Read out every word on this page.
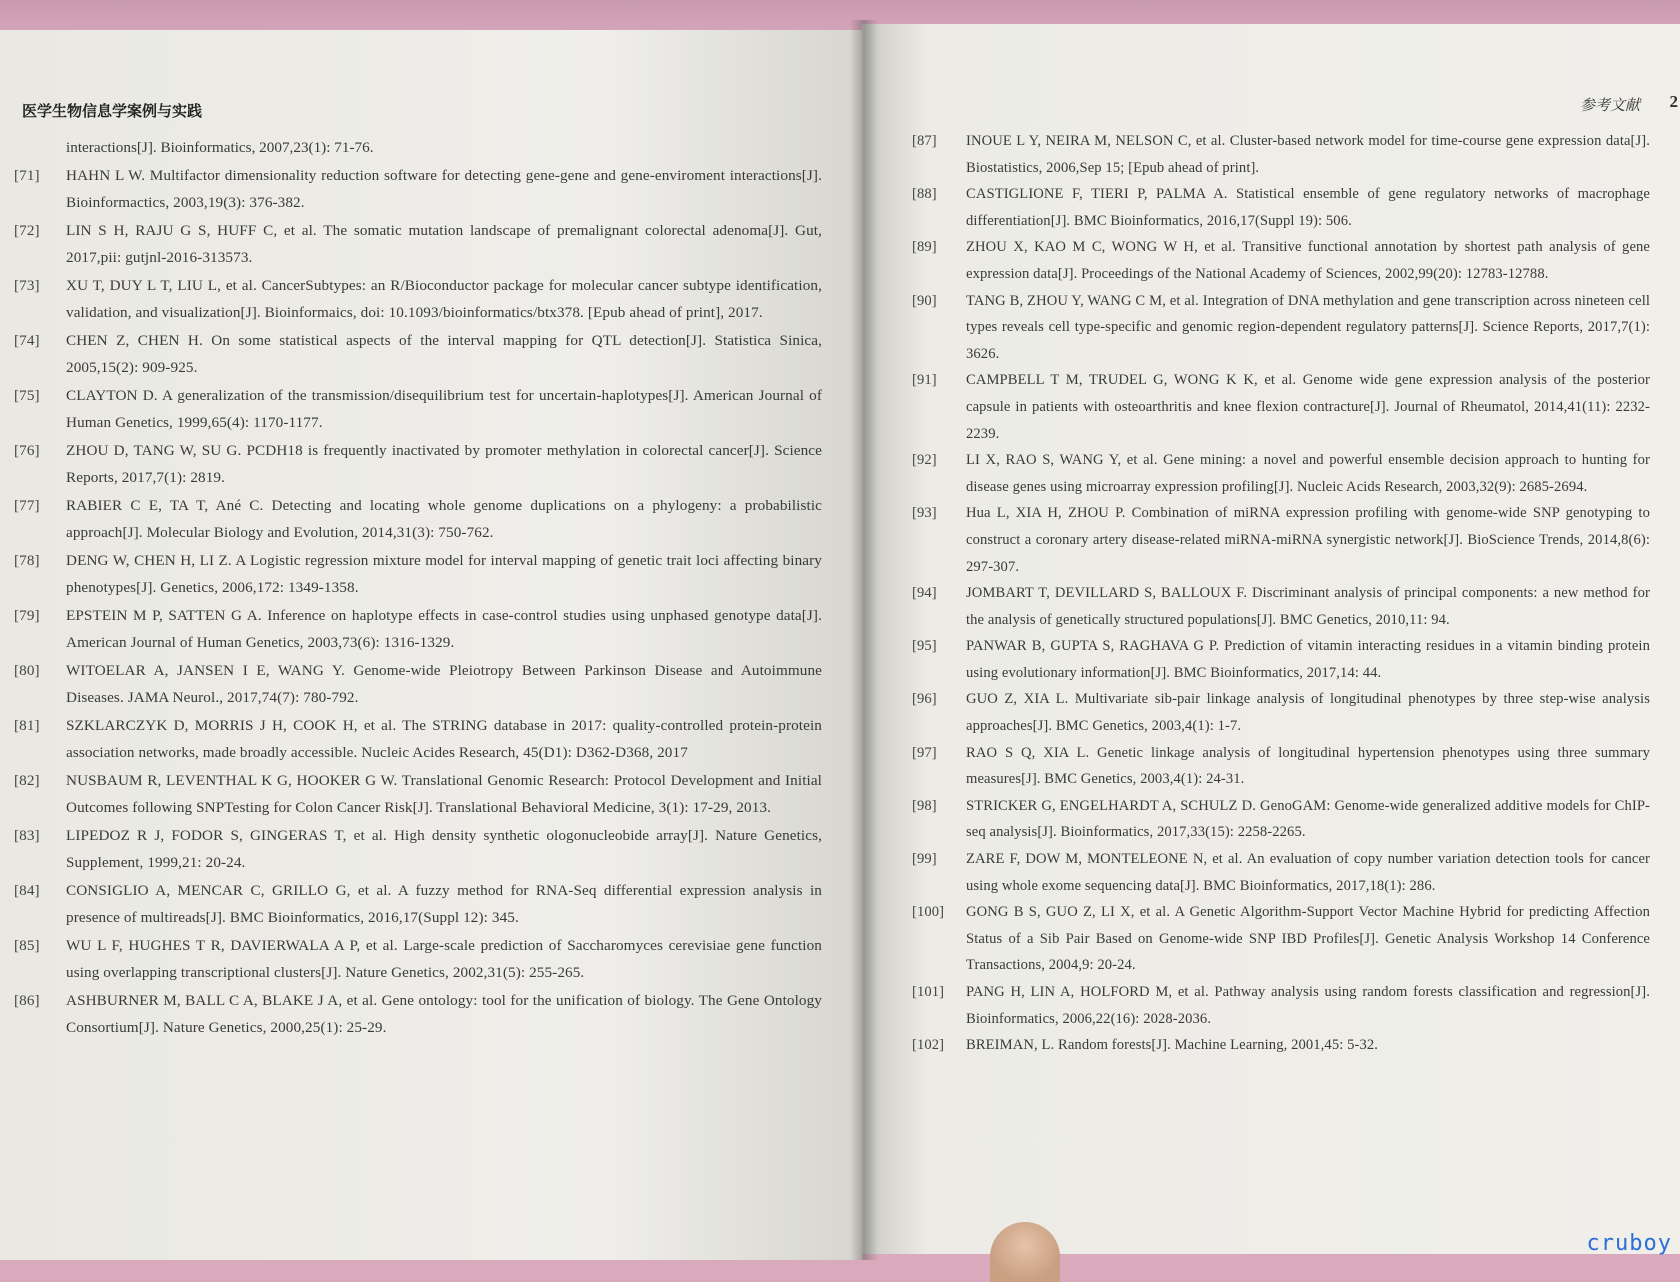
医学生物信息学案例与实践
interactions[J]. Bioinformatics, 2007,23(1): 71-76.
[71]	HAHN L W. Multifactor dimensionality reduction software for detecting gene-gene and gene-enviroment interactions[J]. Bioinformactics, 2003,19(3): 376-382.
[72]	LIN S H, RAJU G S, HUFF C, et al. The somatic mutation landscape of premalignant colorectal adenoma[J]. Gut, 2017,pii: gutjnl-2016-313573.
[73]	XU T, DUY L T, LIU L, et al. CancerSubtypes: an R/Bioconductor package for molecular cancer subtype identification, validation, and visualization[J]. Bioinformaics, doi: 10.1093/bioinformatics/btx378. [Epub ahead of print], 2017.
[74]	CHEN Z, CHEN H. On some statistical aspects of the interval mapping for QTL detection[J]. Statistica Sinica, 2005,15(2): 909-925.
[75]	CLAYTON D. A generalization of the transmission/disequilibrium test for uncertain-haplotypes[J]. American Journal of Human Genetics, 1999,65(4): 1170-1177.
[76]	ZHOU D, TANG W, SU G. PCDH18 is frequently inactivated by promoter methylation in colorectal cancer[J]. Science Reports, 2017,7(1): 2819.
[77]	RABIER C E, TA T, Ané C. Detecting and locating whole genome duplications on a phylogeny: a probabilistic approach[J]. Molecular Biology and Evolution, 2014,31(3): 750-762.
[78]	DENG W, CHEN H, LI Z. A Logistic regression mixture model for interval mapping of genetic trait loci affecting binary phenotypes[J]. Genetics, 2006,172: 1349-1358.
[79]	EPSTEIN M P, SATTEN G A. Inference on haplotype effects in case-control studies using unphased genotype data[J]. American Journal of Human Genetics, 2003,73(6): 1316-1329.
[80]	WITOELAR A, JANSEN I E, WANG Y. Genome-wide Pleiotropy Between Parkinson Disease and Autoimmune Diseases. JAMA Neurol., 2017,74(7): 780-792.
[81]	SZKLARCZYK D, MORRIS J H, COOK H, et al. The STRING database in 2017: quality-controlled protein-protein association networks, made broadly accessible. Nucleic Acides Research, 45(D1): D362-D368, 2017
[82]	NUSBAUM R, LEVENTHAL K G, HOOKER G W. Translational Genomic Research: Protocol Development and Initial Outcomes following SNPTesting for Colon Cancer Risk[J]. Translational Behavioral Medicine, 3(1): 17-29, 2013.
[83]	LIPEDOZ R J, FODOR S, GINGERAS T, et al. High density synthetic ologonucleobide array[J]. Nature Genetics, Supplement, 1999,21: 20-24.
[84]	CONSIGLIO A, MENCAR C, GRILLO G, et al. A fuzzy method for RNA-Seq differential expression analysis in presence of multireads[J]. BMC Bioinformatics, 2016,17(Suppl 12): 345.
[85]	WU L F, HUGHES T R, DAVIERWALA A P, et al. Large-scale prediction of Saccharomyces cerevisiae gene function using overlapping transcriptional clusters[J]. Nature Genetics, 2002,31(5): 255-265.
[86]	ASHBURNER M, BALL C A, BLAKE J A, et al. Gene ontology: tool for the unification of biology. The Gene Ontology Consortium[J]. Nature Genetics, 2000,25(1): 25-29.
参考文献 2
[87]	INOUE L Y, NEIRA M, NELSON C, et al. Cluster-based network model for time-course gene expression data[J]. Biostatistics, 2006,Sep 15; [Epub ahead of print].
[88]	CASTIGLIONE F, TIERI P, PALMA A. Statistical ensemble of gene regulatory networks of macrophage differentiation[J]. BMC Bioinformatics, 2016,17(Suppl 19): 506.
[89]	ZHOU X, KAO M C, WONG W H, et al. Transitive functional annotation by shortest path analysis of gene expression data[J]. Proceedings of the National Academy of Sciences, 2002,99(20): 12783-12788.
[90]	TANG B, ZHOU Y, WANG C M, et al. Integration of DNA methylation and gene transcription across nineteen cell types reveals cell type-specific and genomic region-dependent regulatory patterns[J]. Science Reports, 2017,7(1): 3626.
[91]	CAMPBELL T M, TRUDEL G, WONG K K, et al. Genome wide gene expression analysis of the posterior capsule in patients with osteoarthritis and knee flexion contracture[J]. Journal of Rheumatol, 2014,41(11): 2232-2239.
[92]	LI X, RAO S, WANG Y, et al. Gene mining: a novel and powerful ensemble decision approach to hunting for disease genes using microarray expression profiling[J]. Nucleic Acids Research, 2003,32(9): 2685-2694.
[93]	Hua L, XIA H, ZHOU P. Combination of miRNA expression profiling with genome-wide SNP genotyping to construct a coronary artery disease-related miRNA-miRNA synergistic network[J]. BioScience Trends, 2014,8(6): 297-307.
[94]	JOMBART T, DEVILLARD S, BALLOUX F. Discriminant analysis of principal components: a new method for the analysis of genetically structured populations[J]. BMC Genetics, 2010,11: 94.
[95]	PANWAR B, GUPTA S, RAGHAVA G P. Prediction of vitamin interacting residues in a vitamin binding protein using evolutionary information[J]. BMC Bioinformatics, 2017,14: 44.
[96]	GUO Z, XIA L. Multivariate sib-pair linkage analysis of longitudinal phenotypes by three step-wise analysis approaches[J]. BMC Genetics, 2003,4(1): 1-7.
[97]	RAO S Q, XIA L. Genetic linkage analysis of longitudinal hypertension phenotypes using three summary measures[J]. BMC Genetics, 2003,4(1): 24-31.
[98]	STRICKER G, ENGELHARDT A, SCHULZ D. GenoGAM: Genome-wide generalized additive models for ChIP-seq analysis[J]. Bioinformatics, 2017,33(15): 2258-2265.
[99]	ZARE F, DOW M, MONTELEONE N, et al. An evaluation of copy number variation detection tools for cancer using whole exome sequencing data[J]. BMC Bioinformatics, 2017,18(1): 286.
[100]	GONG B S, GUO Z, LI X, et al. A Genetic Algorithm-Support Vector Machine Hybrid for predicting Affection Status of a Sib Pair Based on Genome-wide SNP IBD Profiles[J]. Genetic Analysis Workshop 14 Conference Transactions, 2004,9: 20-24.
[101]	PANG H, LIN A, HOLFORD M, et al. Pathway analysis using random forests classification and regression[J]. Bioinformatics, 2006,22(16): 2028-2036.
[102]	BREIMAN, L. Random forests[J]. Machine Learning, 2001,45: 5-32.
cruboy
